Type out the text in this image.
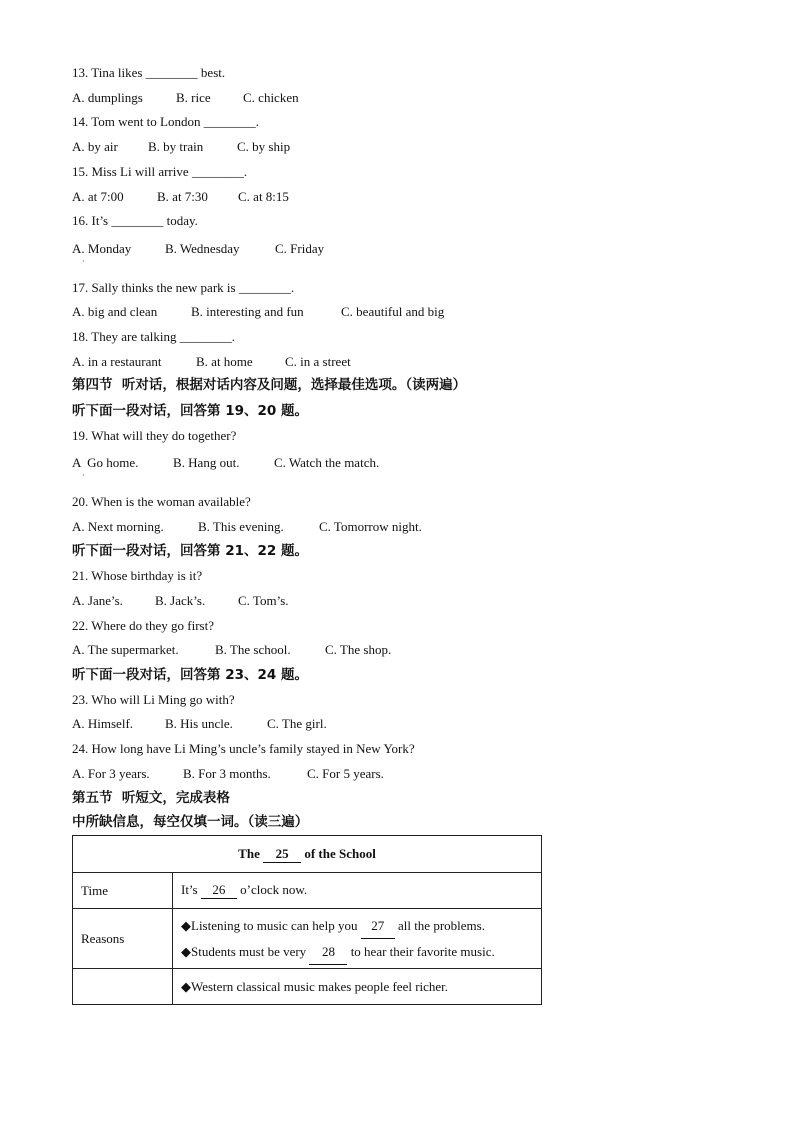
13. Tina likes ________ best.
A. dumplings	B. rice C. chicken
14. Tom went to London ________.
A. by air B. by train	C. by ship
15. Miss Li will arrive ________.
A. at 7:00	B. at 7:30 C. at 8:15
16. It’s ________ today.
A. Monday	B. Wednesday	C. Friday
·
17. Sally thinks the new park is ________.
A. big and clean	B. interesting and fun	C. beautiful and big
18. They are talking ________.
A. in a restaurant	B. at home C. in a street
第四节  听对话，根据对话内容及问题，选择最佳选项。（读两遍）
听下面一段对话，回答第 19、20 题。
19. What will they do together?
A  Go home.	B. Hang out.	C. Watch the match.
·
20. When is the woman available?
A. Next morning.	B. This evening.	C. Tomorrow night.
听下面一段对话，回答第 21、22 题。
21. Whose birthday is it?
A. Jane’s. B. Jack’s.	C. Tom’s.
22. Where do they go first?
A. The supermarket.	B. The school.	C. The shop.
听下面一段对话，回答第 23、24 题。
23. Who will Li Ming go with?
A. Himself. B. His uncle.	C. The girl.
24. How long have Li Ming’s uncle’s family stayed in New York?
A. For 3 years.	B. For 3 months.	C. For 5 years.
第五节  听短文，完成表格
中所缺信息，每空仅填一词。（读三遍）
The 25 of the School	
Time	It’s 26 o’clock now.
Reasons	◆Listening to music can help you 27 all the problems.
◆Students must be very 28 to hear their favorite music.

	◆Western classical music makes people feel richer.
